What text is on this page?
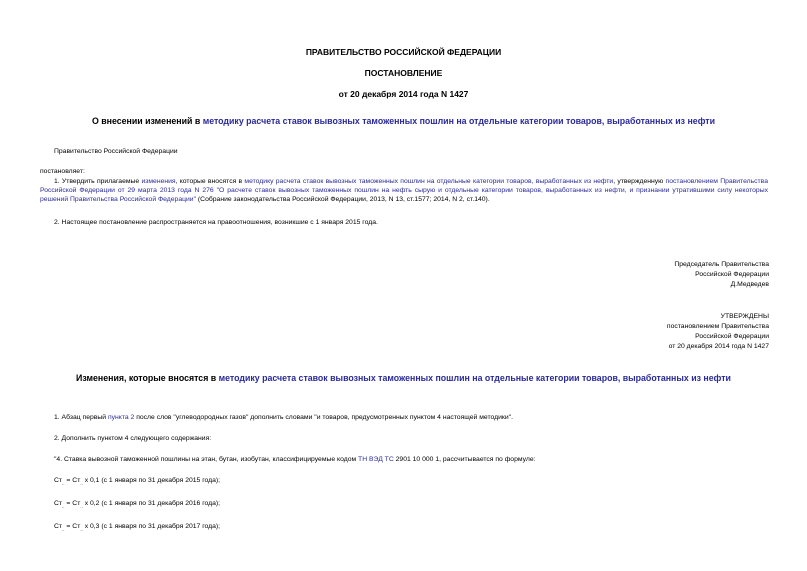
ПРАВИТЕЛЬСТВО РОССИЙСКОЙ ФЕДЕРАЦИИ
ПОСТАНОВЛЕНИЕ
от 20 декабря 2014 года N 1427
О внесении изменений в методику расчета ставок вывозных таможенных пошлин на отдельные категории товаров, выработанных из нефти
Правительство Российской Федерации
постановляет:
1. Утвердить прилагаемые изменения, которые вносятся в методику расчета ставок вывозных таможенных пошлин на отдельные категории товаров, выработанных из нефти, утвержденную постановлением Правительства Российской Федерации от 29 марта 2013 года N 276 "О расчете ставок вывозных таможенных пошлин на нефть сырую и отдельные категории товаров, выработанных из нефти, и признании утратившими силу некоторых решений Правительства Российской Федерации" (Собрание законодательства Российской Федерации, 2013, N 13, ст.1577; 2014, N 2, ст.140).
2. Настоящее постановление распространяется на правоотношения, возникшие с 1 января 2015 года.
Председатель Правительства
Российской Федерации
Д.Медведев
УТВЕРЖДЕНЫ
постановлением Правительства
Российской Федерации
от 20 декабря 2014 года N 1427
Изменения, которые вносятся в методику расчета ставок вывозных таможенных пошлин на отдельные категории товаров, выработанных из нефти
1. Абзац первый пункта 2 после слов "углеводородных газов" дополнить словами "и товаров, предусмотренных пунктом 4 настоящей методики".
2. Дополнить пунктом 4 следующего содержания:
"4. Ставка вывозной таможенной пошлины на этан, бутан, изобутан, классифицируемые кодом ТН ВЭД ТС 2901 10 000 1, рассчитывается по формуле:
$Ст_{..} = Ст_{..}$ x 0,1 (с 1 января по 31 декабря 2015 года);
$Ст_{..} = Ст_{..}$ x 0,2 (с 1 января по 31 декабря 2016 года);
$Ст_{..} = Ст_{..}$ x 0,3 (с 1 января по 31 декабря 2017 года);
